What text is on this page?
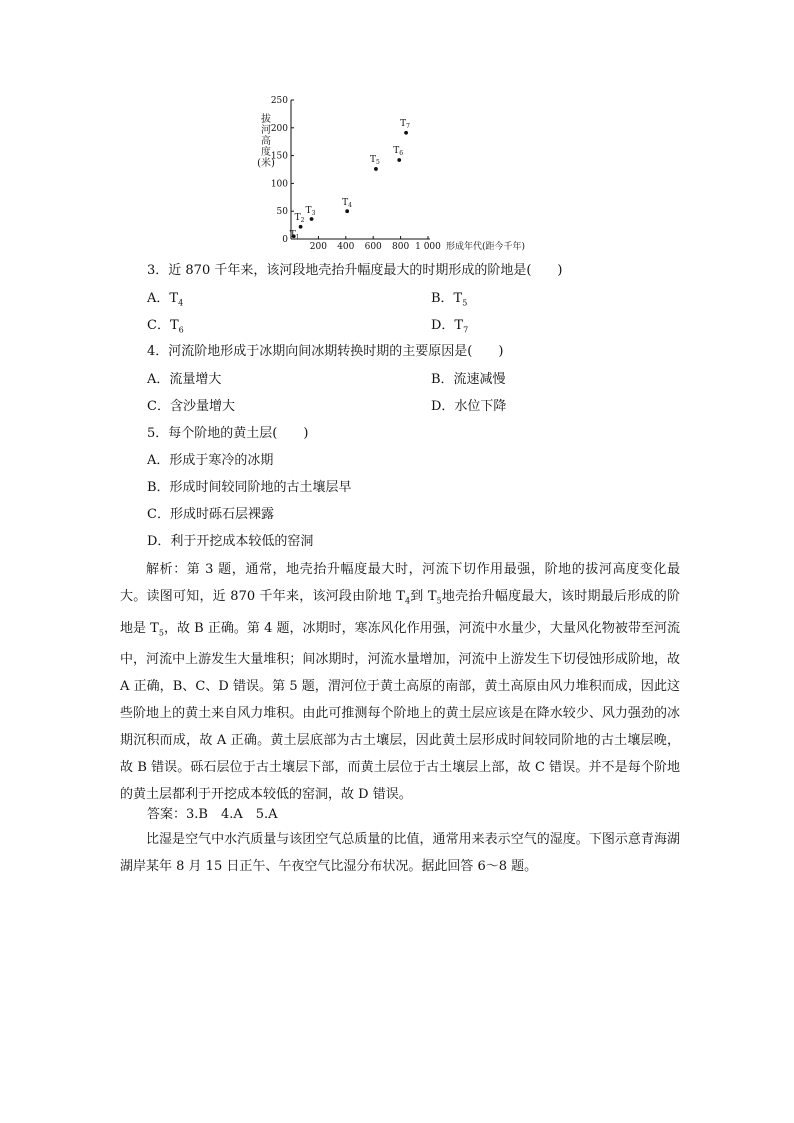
0
50
100
150
200
250
200 400 600 800 1 000 形成年代(距今千年)
拔河高度(米)
$T_1$
$T_2$
$T_3$
$T_4$
$T_5$
$T_6$
$T_7$
3．近 870 千年来，该河段地壳抬升幅度最大的时期形成的阶地是(　　)
A．$T_4$	B．$T_5$
C．$T_6$	D．$T_7$
4．河流阶地形成于冰期向间冰期转换时期的主要原因是(　　)
A．流量增大	B．流速减慢
C．含沙量增大	D．水位下降
5．每个阶地的黄土层(　　)
A．形成于寒冷的冰期
B．形成时间较同阶地的古土壤层早
C．形成时砾石层裸露
D．利于开挖成本较低的窑洞
解析：第 3 题，通常，地壳抬升幅度最大时，河流下切作用最强，阶地的拔河高度变化最大。读图可知，近 870 千年来，该河段由阶地 $T_4$到 $T_5$地壳抬升幅度最大，该时期最后形成的阶地是 $T_5$，故 B 正确。第 4 题，冰期时，寒冻风化作用强，河流中水量少，大量风化物被带至河流中，河流中上游发生大量堆积；间冰期时，河流水量增加，河流中上游发生下切侵蚀形成阶地，故 A 正确，B、C、D 错误。第 5 题，渭河位于黄土高原的南部，黄土高原由风力堆积而成，因此这些阶地上的黄土来自风力堆积。由此可推测每个阶地上的黄土层应该是在降水较少、风力强劲的冰期沉积而成，故 A 正确。黄土层底部为古土壤层，因此黄土层形成时间较同阶地的古土壤层晚，故 B 错误。砾石层位于古土壤层下部，而黄土层位于古土壤层上部，故 C 错误。并不是每个阶地的黄土层都利于开挖成本较低的窑洞，故 D 错误。
答案：3.B　4.A　5.A
比湿是空气中水汽质量与该团空气总质量的比值，通常用来表示空气的湿度。下图示意青海湖湖岸某年 8 月 15 日正午、午夜空气比湿分布状况。据此回答 6～8 题。
